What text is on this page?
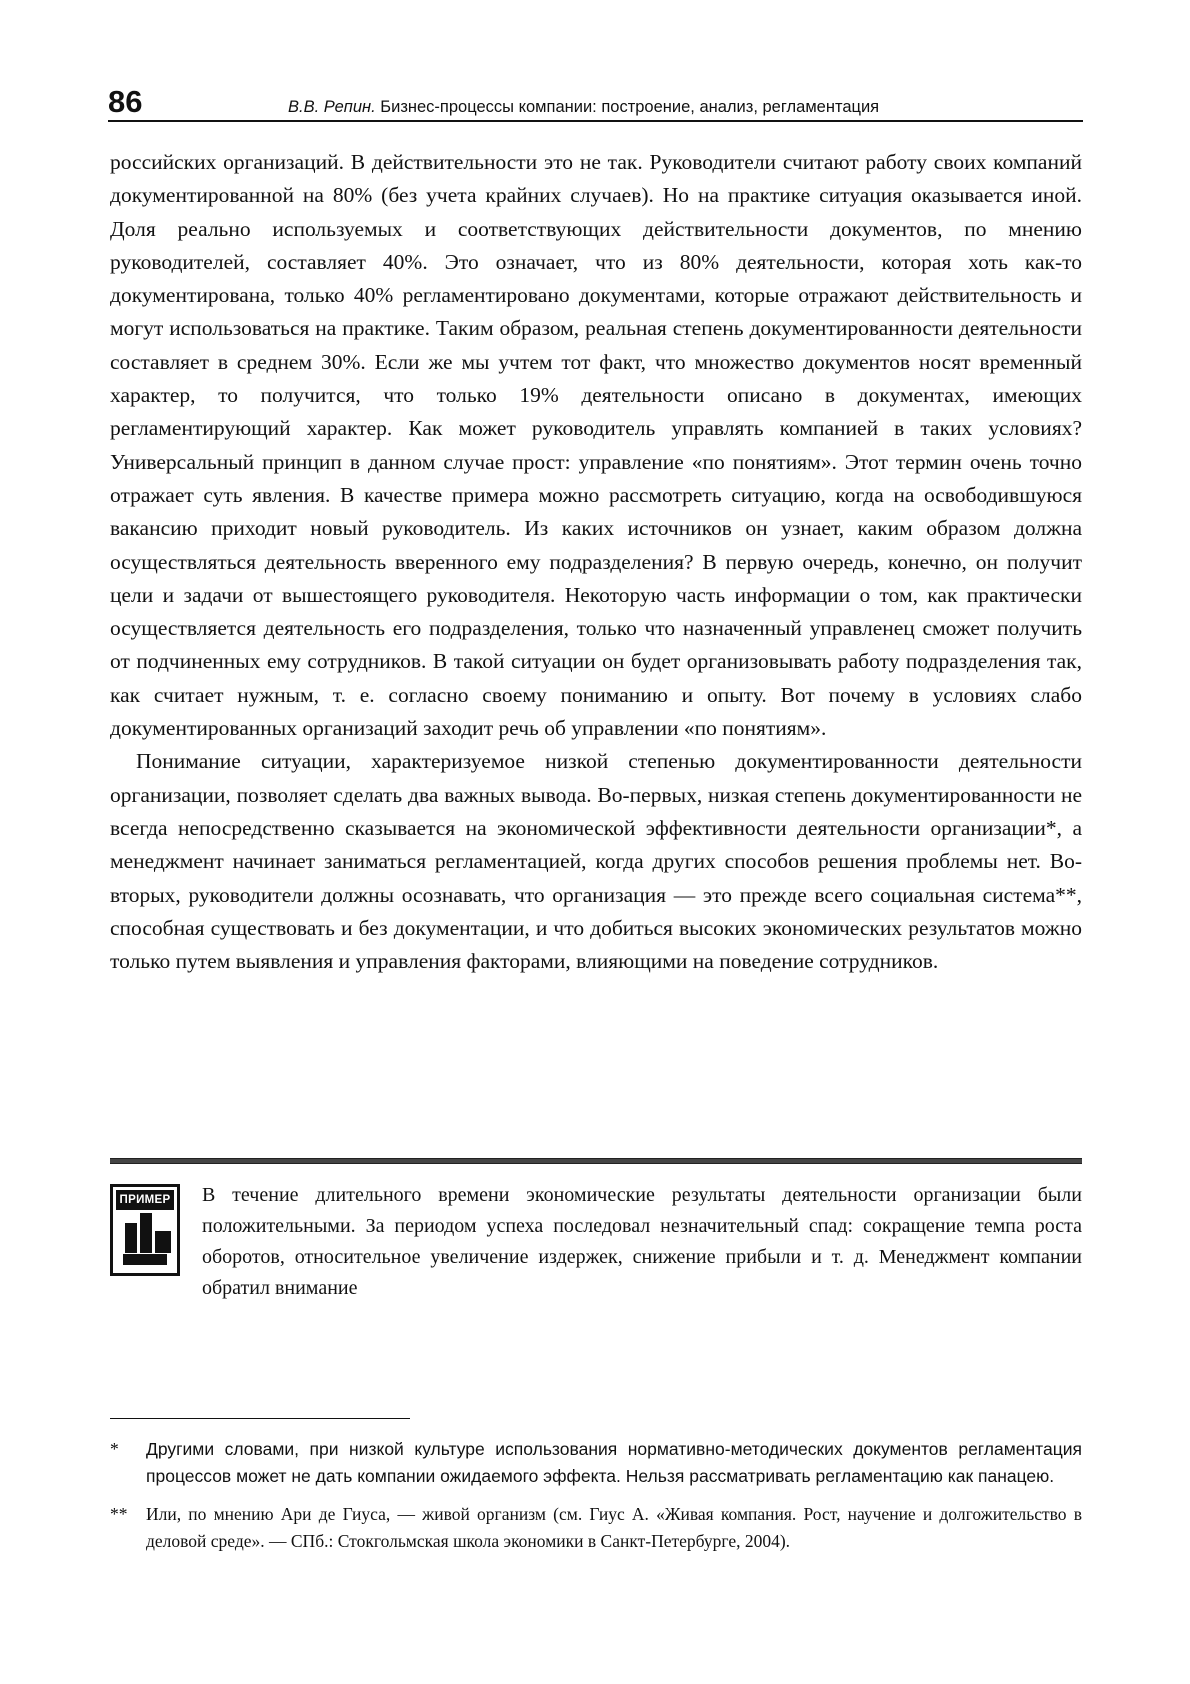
86	В.В. Репин. Бизнес-процессы компании: построение, анализ, регламентация

российских организаций. В действительности это не так. Руководители считают работу своих компаний документированной на 80% (без учета крайних случаев). Но на практике ситуация оказывается иной. Доля реально используемых и соответствующих действительности документов, по мнению руководителей, составляет 40%. Это означает, что из 80% деятельности, которая хоть как-то документирована, только 40% регламентировано документами, которые отражают действительность и могут использоваться на практике. Таким образом, реальная степень документированности деятельности составляет в среднем 30%. Если же мы учтем тот факт, что множество документов носят временный характер, то получится, что только 19% деятельности описано в документах, имеющих регламентирующий характер. Как может руководитель управлять компанией в таких условиях? Универсальный принцип в данном случае прост: управление «по понятиям». Этот термин очень точно отражает суть явления. В качестве примера можно рассмотреть ситуацию, когда на освободившуюся вакансию приходит новый руководитель. Из каких источников он узнает, каким образом должна осуществляться деятельность вверенного ему подразделения? В первую очередь, конечно, он получит цели и задачи от вышестоящего руководителя. Некоторую часть информации о том, как практически осуществляется деятельность его подразделения, только что назначенный управленец сможет получить от подчиненных ему сотрудников. В такой ситуации он будет организовывать работу подразделения так, как считает нужным, т. е. согласно своему пониманию и опыту. Вот почему в условиях слабо документированных организаций заходит речь об управлении «по понятиям».

Понимание ситуации, характеризуемое низкой степенью документированности деятельности организации, позволяет сделать два важных вывода. Во-первых, низкая степень документированности не всегда непосредственно сказывается на экономической эффективности деятельности организации*, а менеджмент начинает заниматься регламентацией, когда других способов решения проблемы нет. Во-вторых, руководители должны осознавать, что организация — это прежде всего социальная система**, способная существовать и без документации, и что добиться высоких экономических результатов можно только путем выявления и управления факторами, влияющими на поведение сотрудников.

ПРИМЕР В течение длительного времени экономические результаты деятельности организации были положительными. За периодом успеха последовал незначительный спад: сокращение темпа роста оборотов, относительное увеличение издержек, снижение прибыли и т. д. Менеджмент компании обратил внимание

*	Другими словами, при низкой культуре использования нормативно-методических документов регламентация процессов может не дать компании ожидаемого эффекта. Нельзя рассматривать регламентацию как панацею.
**	Или, по мнению Ари де Гиуса, — живой организм (см. Гиус А. «Живая компания. Рост, научение и долгожительство в деловой среде». — СПб.: Стокгольмская школа экономики в Санкт-Петербурге, 2004).
